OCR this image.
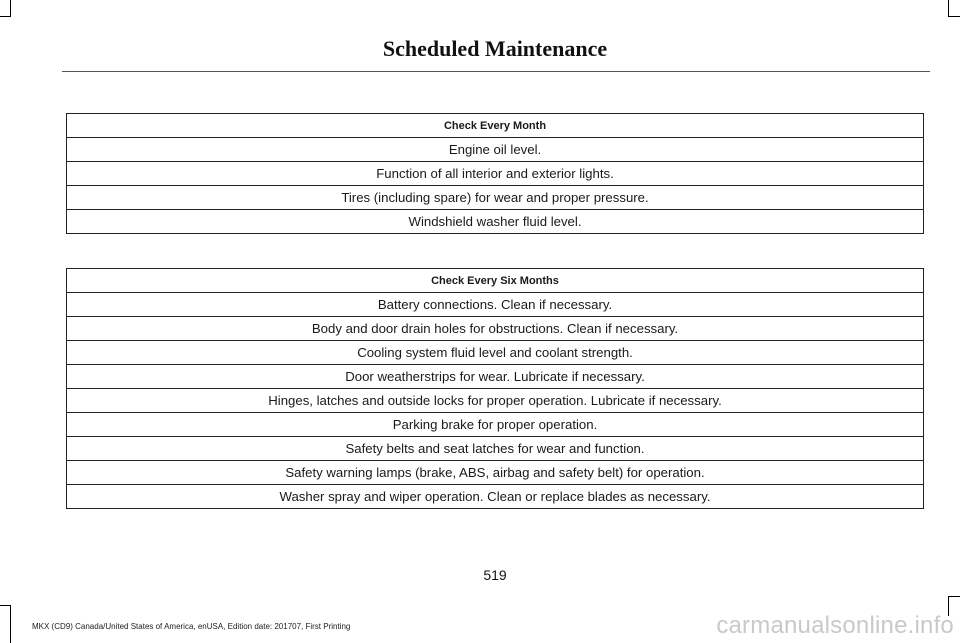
Scheduled Maintenance
Check Every Month
Engine oil level.
Function of all interior and exterior lights.
Tires (including spare) for wear and proper pressure.
Windshield washer fluid level.
Check Every Six Months
Battery connections. Clean if necessary.
Body and door drain holes for obstructions. Clean if necessary.
Cooling system fluid level and coolant strength.
Door weatherstrips for wear. Lubricate if necessary.
Hinges, latches and outside locks for proper operation. Lubricate if necessary.
Parking brake for proper operation.
Safety belts and seat latches for wear and function.
Safety warning lamps (brake, ABS, airbag and safety belt) for operation.
Washer spray and wiper operation. Clean or replace blades as necessary.
519
MKX (CD9) Canada/United States of America, enUSA, Edition date: 201707, First Printing	carmanualsonline.info
